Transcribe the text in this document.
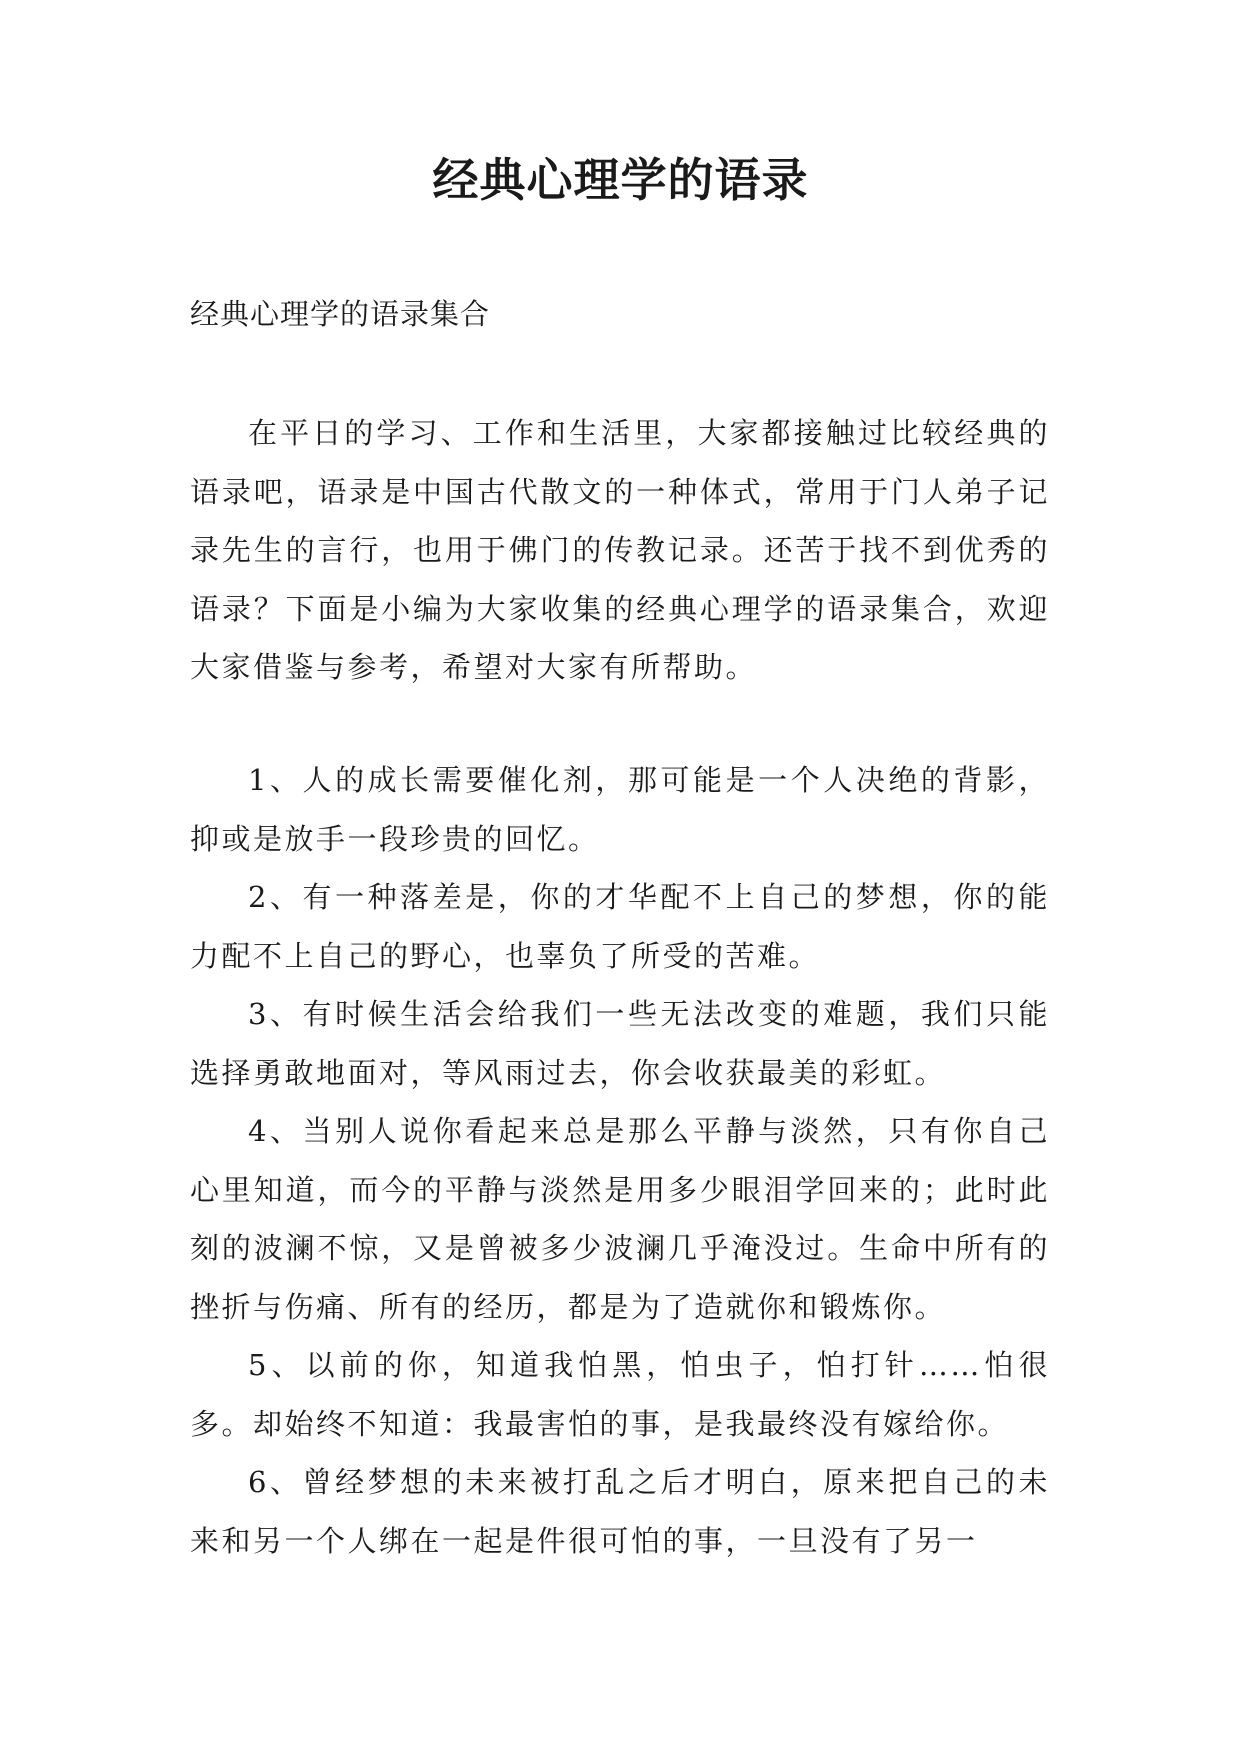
经典心理学的语录

经典心理学的语录集合

在平日的学习、工作和生活里，大家都接触过比较经典的语录吧，语录是中国古代散文的一种体式，常用于门人弟子记录先生的言行，也用于佛门的传教记录。还苦于找不到优秀的语录？下面是小编为大家收集的经典心理学的语录集合，欢迎大家借鉴与参考，希望对大家有所帮助。

1、人的成长需要催化剂，那可能是一个人决绝的背影，抑或是放手一段珍贵的回忆。

2、有一种落差是，你的才华配不上自己的梦想，你的能力配不上自己的野心，也辜负了所受的苦难。

3、有时候生活会给我们一些无法改变的难题，我们只能选择勇敢地面对，等风雨过去，你会收获最美的彩虹。

4、当别人说你看起来总是那么平静与淡然，只有你自己心里知道，而今的平静与淡然是用多少眼泪学回来的；此时此刻的波澜不惊，又是曾被多少波澜几乎淹没过。生命中所有的挫折与伤痛、所有的经历，都是为了造就你和锻炼你。

5、以前的你，知道我怕黑，怕虫子，怕打针……怕很多。却始终不知道：我最害怕的事，是我最终没有嫁给你。

6、曾经梦想的未来被打乱之后才明白，原来把自己的未来和另一个人绑在一起是件很可怕的事，一旦没有了另一
